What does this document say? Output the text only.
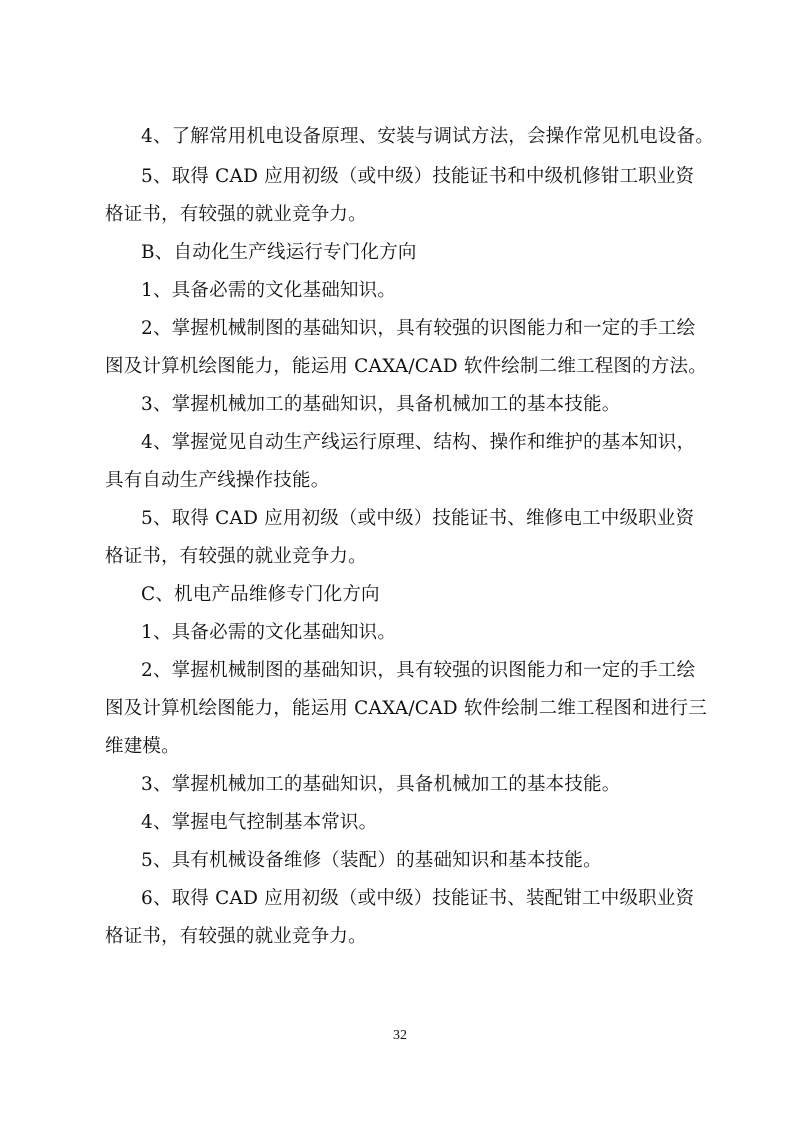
4、了解常用机电设备原理、安装与调试方法，会操作常见机电设备。
5、取得 CAD 应用初级（或中级）技能证书和中级机修钳工职业资
格证书，有较强的就业竞争力。
B、自动化生产线运行专门化方向
1、具备必需的文化基础知识。
2、掌握机械制图的基础知识，具有较强的识图能力和一定的手工绘
图及计算机绘图能力，能运用 CAXA/CAD 软件绘制二维工程图的方法。
3、掌握机械加工的基础知识，具备机械加工的基本技能。
4、掌握觉见自动生产线运行原理、结构、操作和维护的基本知识，
具有自动生产线操作技能。
5、取得 CAD 应用初级（或中级）技能证书、维修电工中级职业资
格证书，有较强的就业竞争力。
C、机电产品维修专门化方向
1、具备必需的文化基础知识。
2、掌握机械制图的基础知识，具有较强的识图能力和一定的手工绘
图及计算机绘图能力，能运用 CAXA/CAD 软件绘制二维工程图和进行三
维建模。
3、掌握机械加工的基础知识，具备机械加工的基本技能。
4、掌握电气控制基本常识。
5、具有机械设备维修（装配）的基础知识和基本技能。
6、取得 CAD 应用初级（或中级）技能证书、装配钳工中级职业资
格证书，有较强的就业竞争力。
32
